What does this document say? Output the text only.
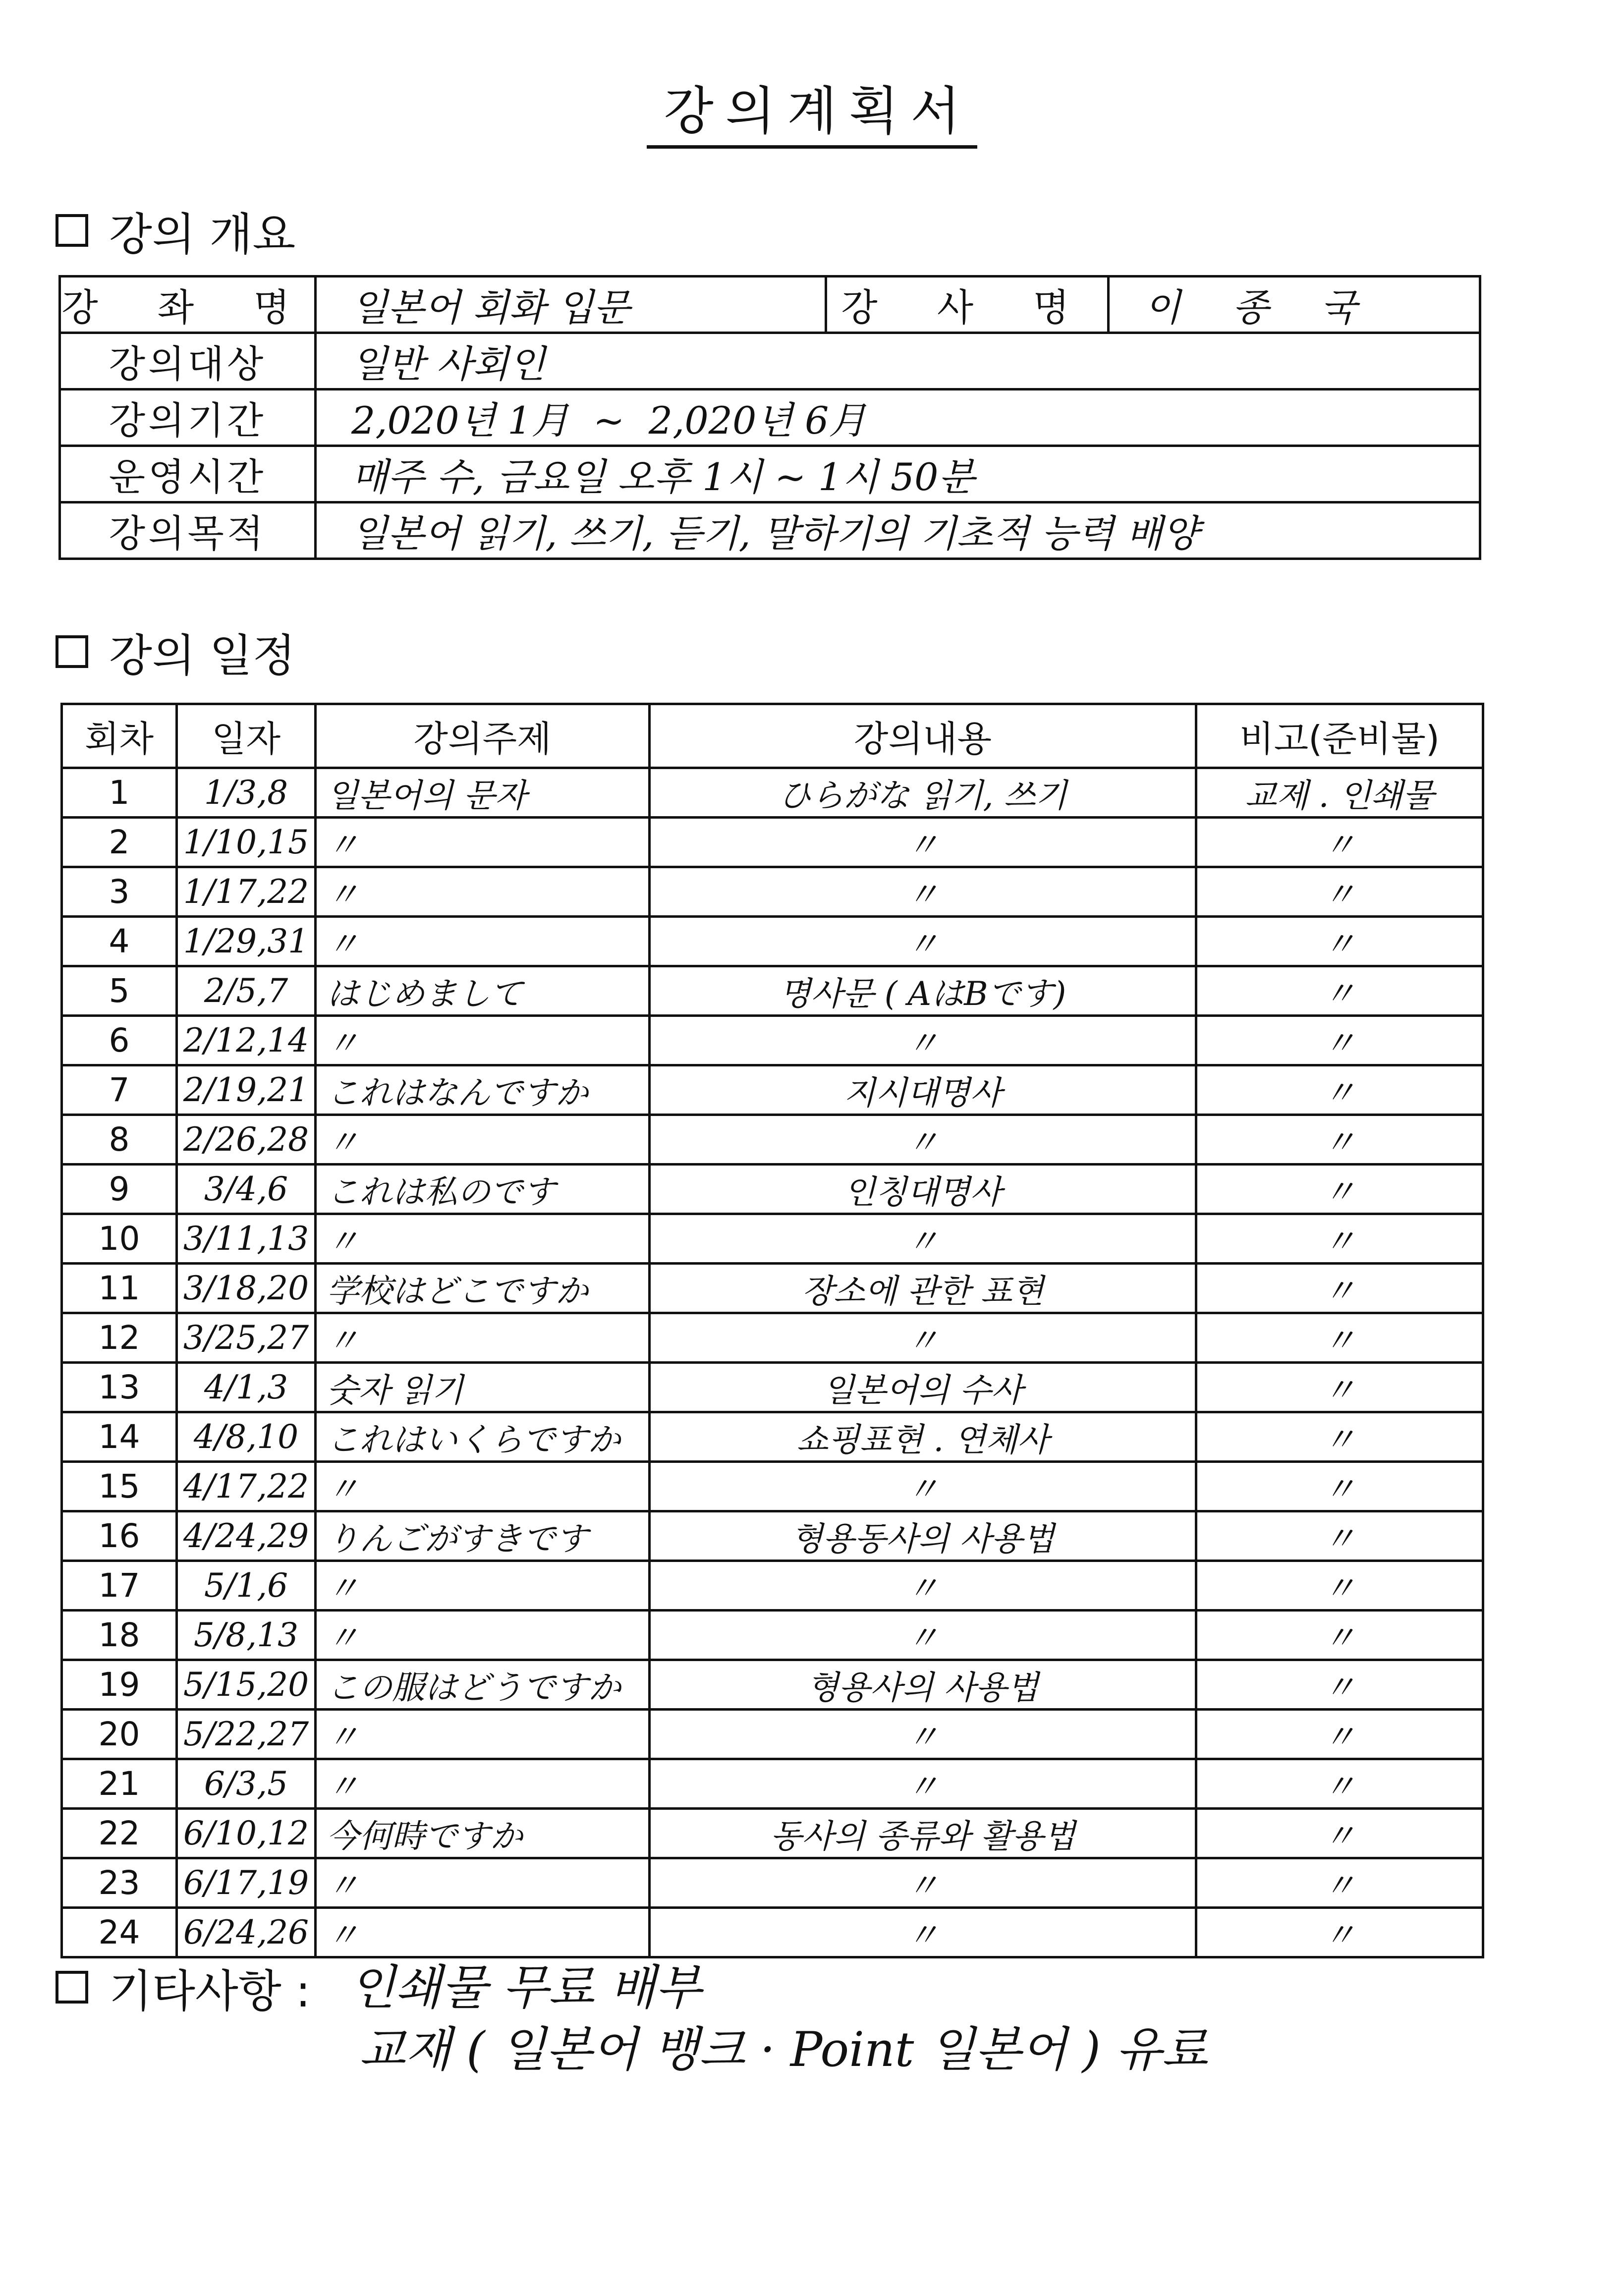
강의계획서
강의 개요
강 좌 명	일본어 회화 입문	강 사 명	이 종 국
강의대상	일반 사회인		
강의기간	2,020년 1月  ~  2,020년 6月		
운영시간	매주 수, 금요일 오후 1시 ~ 1시 50분		
강의목적	일본어 읽기, 쓰기, 듣기, 말하기의 기초적 능력 배양		
강의 일정
회차	일자	강의주제	강의내용	비고(준비물)
1	1/3,8	일본어의 문자	ひらがな 읽기, 쓰기	교제 . 인쇄물
2	1/10,15	〃	〃	〃
3	1/17,22	〃	〃	〃
4	1/29,31	〃	〃	〃
5	2/5,7	はじめまして	명사문 ( AはBです)	〃
6	2/12,14	〃	〃	〃
7	2/19,21	これはなんですか	지시대명사	〃
8	2/26,28	〃	〃	〃
9	3/4,6	これは私のです	인칭대명사	〃
10	3/11,13	〃	〃	〃
11	3/18,20	学校はどこですか	장소에 관한 표현	〃
12	3/25,27	〃	〃	〃
13	4/1,3	숫자 읽기	일본어의 수사	〃
14	4/8,10	これはいくらですか	쇼핑표현 . 연체사	〃
15	4/17,22	〃	〃	〃
16	4/24,29	りんごがすきです	형용동사의 사용법	〃
17	5/1,6	〃	〃	〃
18	5/8,13	〃	〃	〃
19	5/15,20	この服はどうですか	형용사의 사용법	〃
20	5/22,27	〃	〃	〃
21	6/3,5	〃	〃	〃
22	6/10,12	今何時ですか	동사의 종류와 활용법	〃
23	6/17,19	〃	〃	〃
24	6/24,26	〃	〃	〃
기타사항 : 인쇄물 무료 배부
교재 ( 일본어 뱅크 · Point 일본어 ) 유료
